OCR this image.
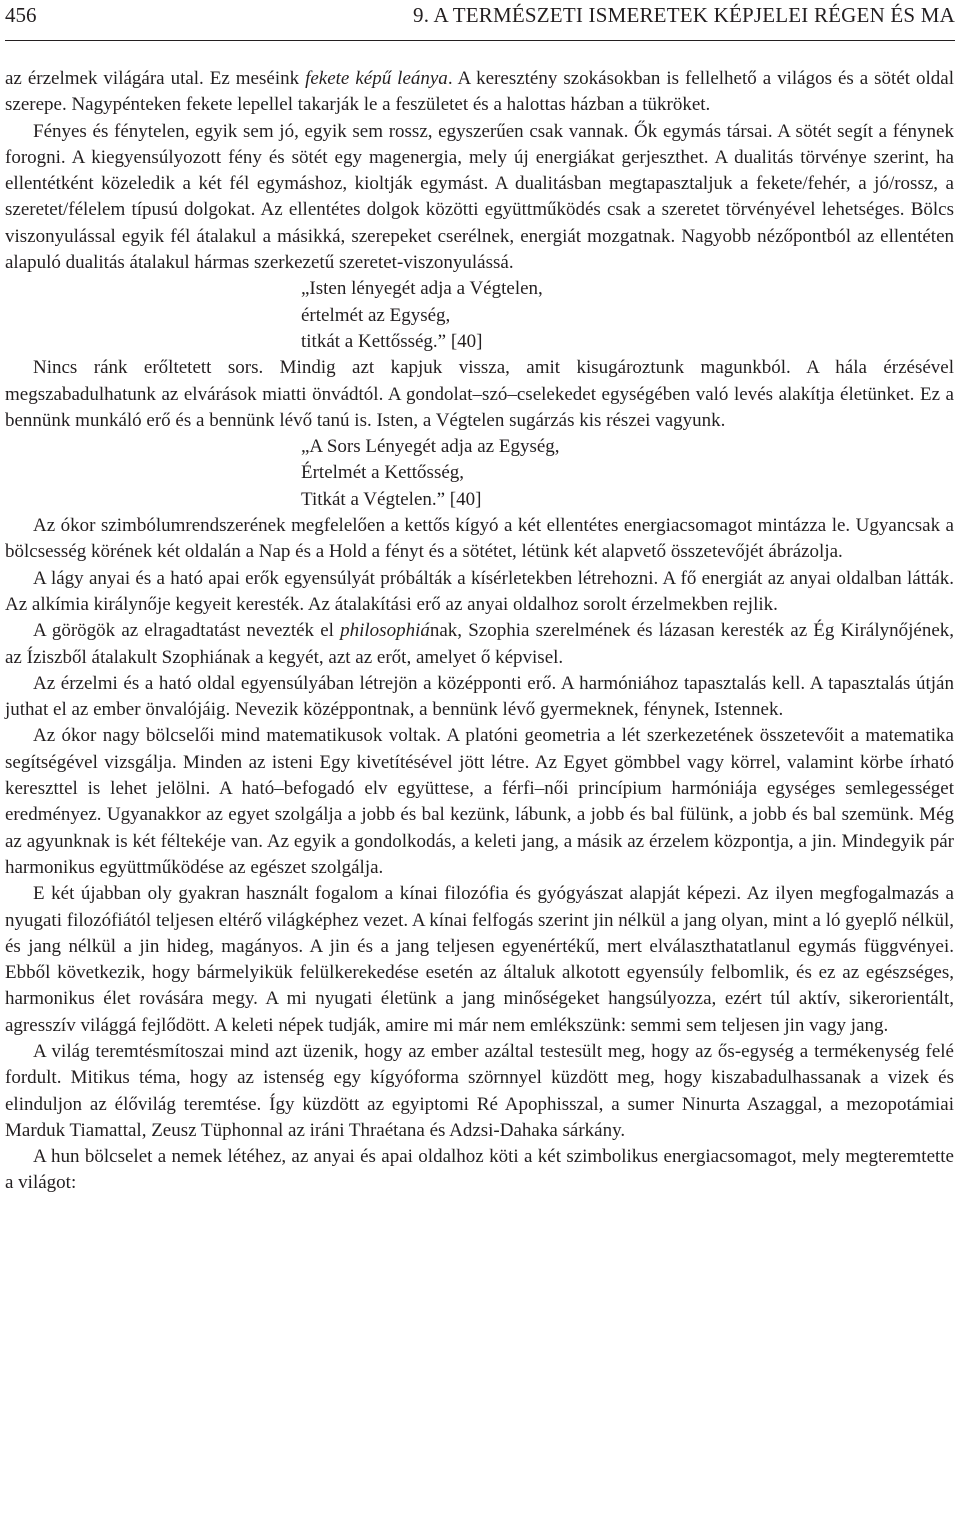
456	9. A TERMÉSZETI ISMERETEK KÉPJELEI RÉGEN ÉS MA

az érzelmek világára utal. Ez meséink fekete képű leánya. A keresztény szokásokban is fellelhető a világos és a sötét oldal szerepe. Nagypénteken fekete lepellel takarják le a feszületet és a halottas házban a tükröket.

Fényes és fénytelen, egyik sem jó, egyik sem rossz, egyszerűen csak vannak. Ők egymás társai. A sötét segít a fénynek forogni. A kiegyensúlyozott fény és sötét egy magenergia, mely új energiákat gerjeszthet. A dualitás törvénye szerint, ha ellentétként közeledik a két fél egymáshoz, kioltják egymást. A dualitásban megtapasztaljuk a fekete/fehér, a jó/rossz, a szeretet/félelem típusú dolgokat. Az ellentétes dolgok közötti együttműködés csak a szeretet törvényével lehetséges. Bölcs viszonyulással egyik fél átalakul a másikká, szerepeket cserélnek, energiát mozgatnak. Nagyobb nézőpontból az ellentéten alapuló dualitás átalakul hármas szerkezetű szeretet-viszonyulássá.

„Isten lényegét adja a Végtelen,
értelmét az Egység,
titkát a Kettősség.” [40]

Nincs ránk erőltetett sors. Mindig azt kapjuk vissza, amit kisugároztunk magunkból. A hála érzésével megszabadulhatunk az elvárások miatti önvádtól. A gondolat–szó–cselekedet egységében való levés alakítja életünket. Ez a bennünk munkáló erő és a bennünk lévő tanú is. Isten, a Végtelen sugárzás kis részei vagyunk.

„A Sors Lényegét adja az Egység,
Értelmét a Kettősség,
Titkát a Végtelen.” [40]

Az ókor szimbólumrendszerének megfelelően a kettős kígyó a két ellentétes energiacsomagot mintázza le. Ugyancsak a bölcsesség körének két oldalán a Nap és a Hold a fényt és a sötétet, létünk két alapvető összetevőjét ábrázolja.

A lágy anyai és a ható apai erők egyensúlyát próbálták a kísérletekben létrehozni. A fő energiát az anyai oldalban látták. Az alkímia királynője kegyeit keresték. Az átalakítási erő az anyai oldalhoz sorolt érzelmekben rejlik.

A görögök az elragadtatást nevezték el philosophiának, Szophia szerelmének és lázasan keresték az Ég Királynőjének, az Íziszből átalakult Szophiának a kegyét, azt az erőt, amelyet ő képvisel.

Az érzelmi és a ható oldal egyensúlyában létrejön a középponti erő. A harmóniához tapasztalás kell. A tapasztalás útján juthat el az ember önvalójáig. Nevezik középpontnak, a bennünk lévő gyermeknek, fénynek, Istennek.

Az ókor nagy bölcselői mind matematikusok voltak. A platóni geometria a lét szerkezetének összetevőit a matematika segítségével vizsgálja. Minden az isteni Egy kivetítésével jött létre. Az Egyet gömbbel vagy körrel, valamint körbe írható kereszttel is lehet jelölni. A ható–befogadó elv együttese, a férfi–női princípium harmóniája egységes semlegességet eredményez. Ugyanakkor az egyet szolgálja a jobb és bal kezünk, lábunk, a jobb és bal fülünk, a jobb és bal szemünk. Még az agyunknak is két féltekéje van. Az egyik a gondolkodás, a keleti jang, a másik az érzelem központja, a jin. Mindegyik pár harmonikus együttműködése az egészet szolgálja.

E két újabban oly gyakran használt fogalom a kínai filozófia és gyógyászat alapját képezi. Az ilyen megfogalmazás a nyugati filozófiától teljesen eltérő világképhez vezet. A kínai felfogás szerint jin nélkül a jang olyan, mint a ló gyeplő nélkül, és jang nélkül a jin hideg, magányos. A jin és a jang teljesen egyenértékű, mert elválaszthatatlanul egymás függvényei. Ebből következik, hogy bármelyikük felülkerekedése esetén az általuk alkotott egyensúly felbomlik, és ez az egészséges, harmonikus élet rovására megy. A mi nyugati életünk a jang minőségeket hangsúlyozza, ezért túl aktív, sikerorientált, agresszív világgá fejlődött. A keleti népek tudják, amire mi már nem emlékszünk: semmi sem teljesen jin vagy jang.

A világ teremtésmítoszai mind azt üzenik, hogy az ember azáltal testesült meg, hogy az ős-egység a termékenység felé fordult. Mitikus téma, hogy az istenség egy kígyóforma szörnnyel küzdött meg, hogy kiszabadulhassanak a vizek és elinduljon az élővilág teremtése. Így küzdött az egyiptomi Ré Apophisszal, a sumer Ninurta Aszaggal, a mezopotámiai Marduk Tiamattal, Zeusz Tüphonnal az iráni Thraétana és Adzsi-Dahaka sárkány.

A hun bölcselet a nemek létéhez, az anyai és apai oldalhoz köti a két szimbolikus energiacsomagot, mely megteremtette a világot:
